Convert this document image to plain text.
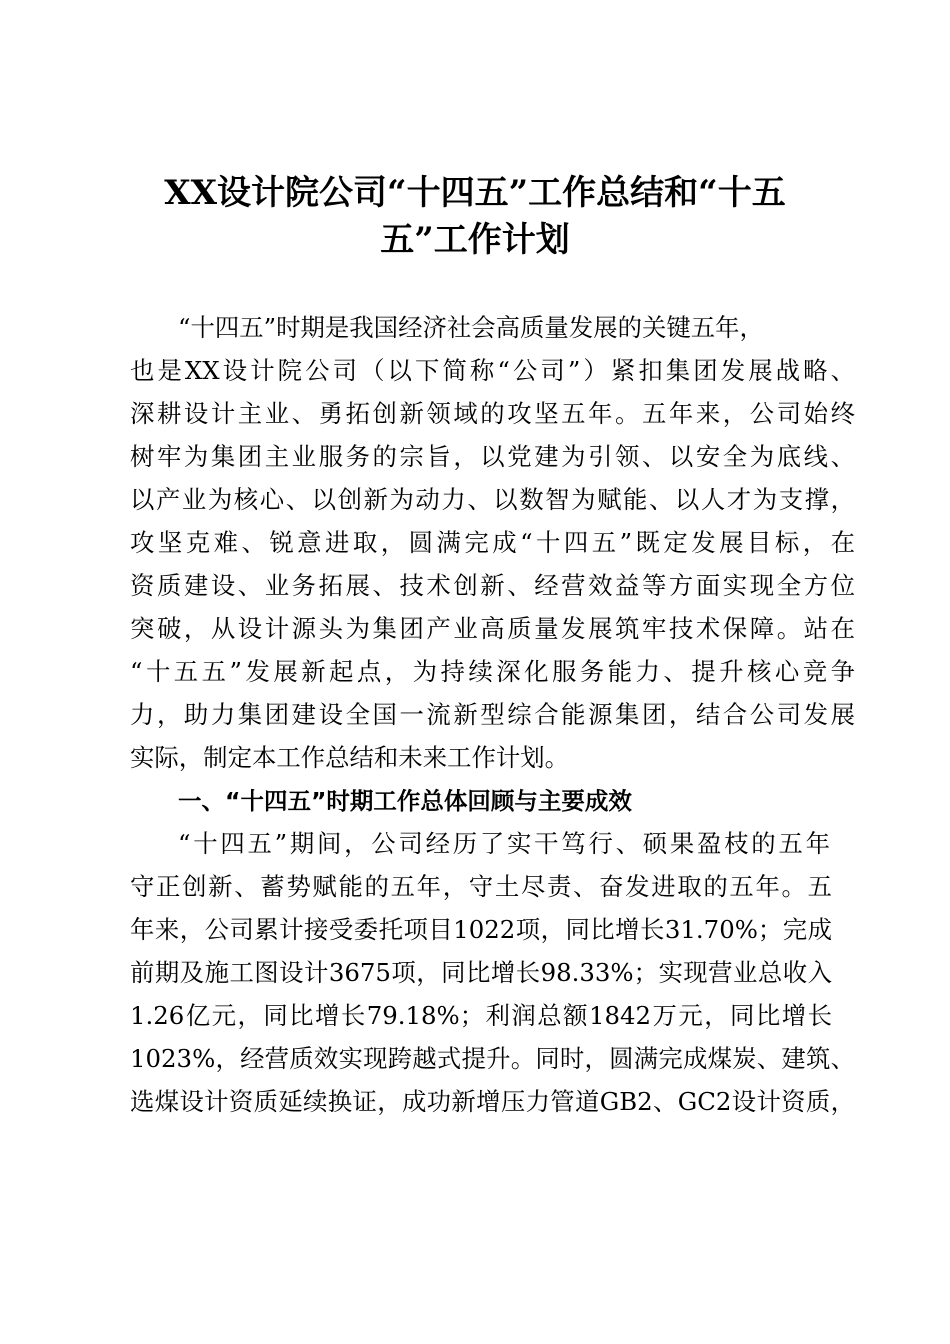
XX设计院公司“十四五”工作总结和“十五
五”工作计划

“十四五”时期是我国经济社会高质量发展的关键五年，

也是XX设计院公司（以下简称“公司”）紧扣集团发展战略、

深耕设计主业、勇拓创新领域的攻坚五年。五年来，公司始终

树牢为集团主业服务的宗旨，以党建为引领、以安全为底线、

以产业为核心、以创新为动力、以数智为赋能、以人才为支撑，

攻坚克难、锐意进取，圆满完成“十四五”既定发展目标，在

资质建设、业务拓展、技术创新、经营效益等方面实现全方位

突破，从设计源头为集团产业高质量发展筑牢技术保障。站在

“十五五”发展新起点，为持续深化服务能力、提升核心竞争

力，助力集团建设全国一流新型综合能源集团，结合公司发展

实际，制定本工作总结和未来工作计划。

一、“十四五”时期工作总体回顾与主要成效

“十四五”期间，公司经历了实干笃行、硕果盈枝的五年

守正创新、蓄势赋能的五年，守土尽责、奋发进取的五年。五

年来，公司累计接受委托项目1022项，同比增长31.70%；完成

前期及施工图设计3675项，同比增长98.33%；实现营业总收入

1.26亿元，同比增长79.18%；利润总额1842万元，同比增长

1023%，经营质效实现跨越式提升。同时，圆满完成煤炭、建筑、

选煤设计资质延续换证，成功新增压力管道GB2、GC2设计资质，
